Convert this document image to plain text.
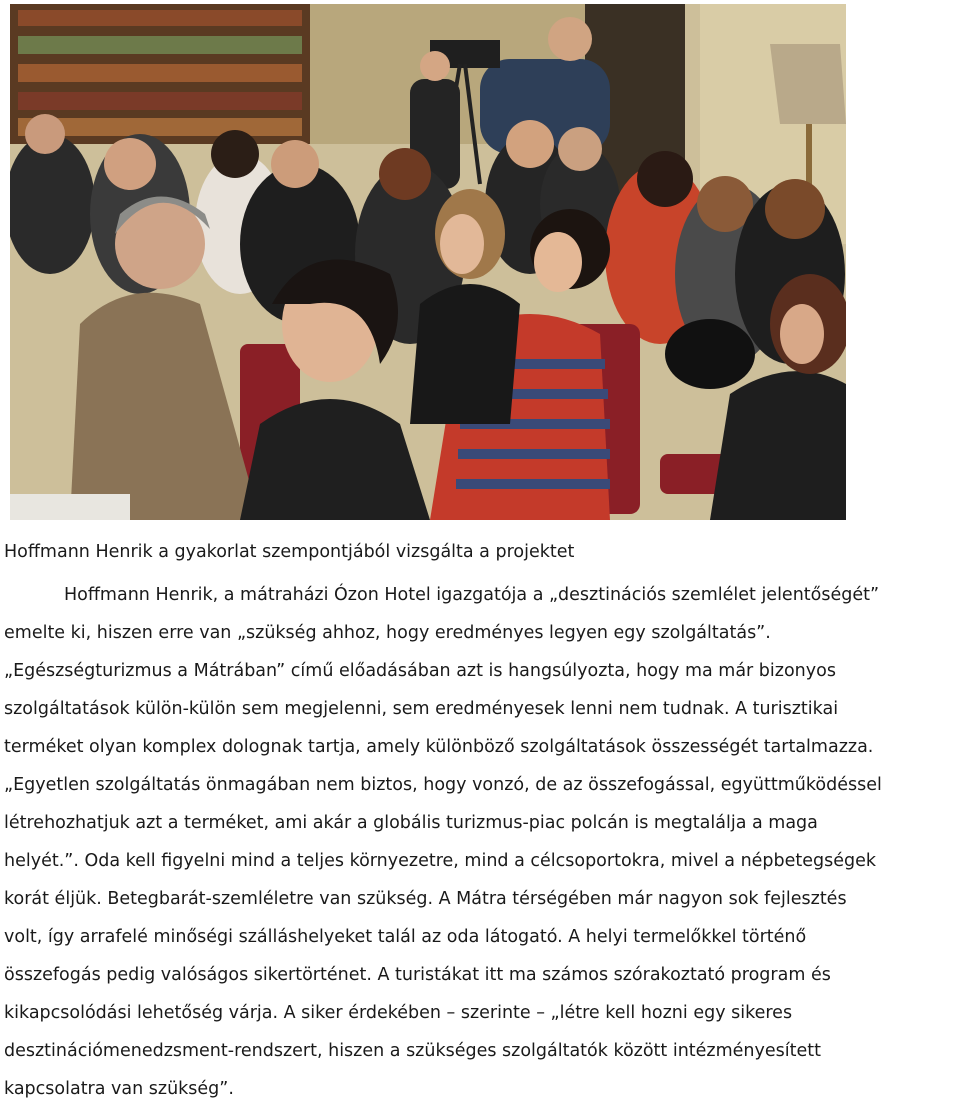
Hoffmann Henrik a gyakorlat szempontjából vizsgálta a projektet
Hoffmann Henrik, a mátraházi Ózon Hotel igazgatója a „desztinációs szemlélet jelentőségét”
emelte ki, hiszen erre van „szükség ahhoz, hogy eredményes legyen egy szolgáltatás”.
„Egészségturizmus a Mátrában” című előadásában azt is hangsúlyozta, hogy ma már bizonyos
szolgáltatások külön-külön sem megjelenni, sem eredményesek lenni nem tudnak. A turisztikai
terméket olyan komplex dolognak tartja, amely különböző szolgáltatások összességét tartalmazza.
„Egyetlen szolgáltatás önmagában nem biztos, hogy vonzó, de az összefogással, együttműködéssel
létrehozhatjuk azt a terméket, ami akár a globális turizmus-piac polcán is megtalálja a maga
helyét.”. Oda kell figyelni mind a teljes környezetre, mind a célcsoportokra, mivel a népbetegségek
korát éljük. Betegbarát-szemléletre van szükség. A Mátra térségében már nagyon sok fejlesztés
volt, így arrafelé minőségi szálláshelyeket talál az oda látogató. A helyi termelőkkel történő
összefogás pedig valóságos sikertörténet. A turistákat itt ma számos szórakoztató program és
kikapcsolódási lehetőség várja. A siker érdekében – szerinte – „létre kell hozni egy sikeres
desztinációmenedzsment-rendszert, hiszen a szükséges szolgáltatók között intézményesített
kapcsolatra van szükség”.
